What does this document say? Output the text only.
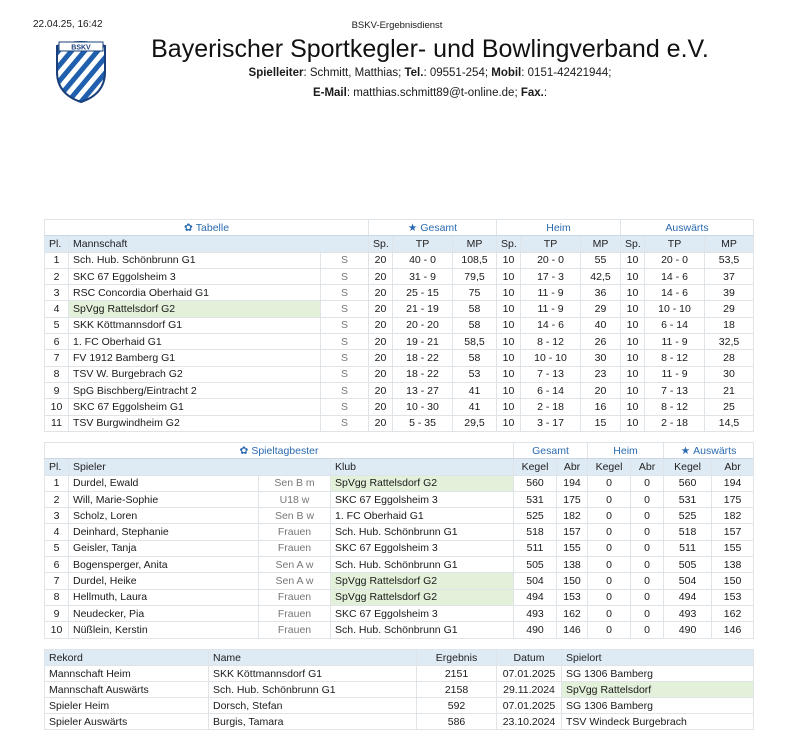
22.04.25, 16:42	BSKV-Ergebnisdienst
BSKV	Bayerischer Sportkegler- und Bowlingverband e.V.
Spielleiter: Schmitt, Matthias; Tel.: 09551-254; Mobil: 0151-42421944;
E-Mail: matthias.schmitt89@t-online.de; Fax.:
✿ Tabelle			★ Gesamt			Heim			Auswärts		
Pl.	Mannschaft		Sp.	TP	MP	Sp.	TP	MP	Sp.	TP	MP
1	Sch. Hub. Schönbrunn G1	S	20	40 - 0	108,5	10	20 - 0	55	10	20 - 0	53,5
2	SKC 67 Eggolsheim 3	S	20	31 - 9	79,5	10	17 - 3	42,5	10	14 - 6	37
3	RSC Concordia Oberhaid G1	S	20	25 - 15	75	10	11 - 9	36	10	14 - 6	39
4	SpVgg Rattelsdorf G2	S	20	21 - 19	58	10	11 - 9	29	10	10 - 10	29
5	SKK Köttmannsdorf G1	S	20	20 - 20	58	10	14 - 6	40	10	6 - 14	18
6	1. FC Oberhaid G1	S	20	19 - 21	58,5	10	8 - 12	26	10	11 - 9	32,5
7	FV 1912 Bamberg G1	S	20	18 - 22	58	10	10 - 10	30	10	8 - 12	28
8	TSV W. Burgebrach G2	S	20	18 - 22	53	10	7 - 13	23	10	11 - 9	30
9	SpG Bischberg/Eintracht 2	S	20	13 - 27	41	10	6 - 14	20	10	7 - 13	21
10	SKC 67 Eggolsheim G1	S	20	10 - 30	41	10	2 - 18	16	10	8 - 12	25
11	TSV Burgwindheim G2	S	20	5 - 35	29,5	10	3 - 17	15	10	2 - 18	14,5
✿ Spieltagbester				Gesamt		Heim		★ Auswärts	
Pl.	Spieler		Klub	Kegel	Abr	Kegel	Abr	Kegel	Abr
1	Durdel, Ewald	Sen B m	SpVgg Rattelsdorf G2	560	194	0	0	560	194
2	Will, Marie-Sophie	U18 w	SKC 67 Eggolsheim 3	531	175	0	0	531	175
3	Scholz, Loren	Sen B w	1. FC Oberhaid G1	525	182	0	0	525	182
4	Deinhard, Stephanie	Frauen	Sch. Hub. Schönbrunn G1	518	157	0	0	518	157
5	Geisler, Tanja	Frauen	SKC 67 Eggolsheim 3	511	155	0	0	511	155
6	Bogensperger, Anita	Sen A w	Sch. Hub. Schönbrunn G1	505	138	0	0	505	138
7	Durdel, Heike	Sen A w	SpVgg Rattelsdorf G2	504	150	0	0	504	150
8	Hellmuth, Laura	Frauen	SpVgg Rattelsdorf G2	494	153	0	0	494	153
9	Neudecker, Pia	Frauen	SKC 67 Eggolsheim 3	493	162	0	0	493	162
10	Nüßlein, Kerstin	Frauen	Sch. Hub. Schönbrunn G1	490	146	0	0	490	146
Rekord	Name	Ergebnis	Datum	Spielort
Mannschaft Heim	SKK Köttmannsdorf G1	2151	07.01.2025	SG 1306 Bamberg
Mannschaft Auswärts	Sch. Hub. Schönbrunn G1	2158	29.11.2024	SpVgg Rattelsdorf
Spieler Heim	Dorsch, Stefan	592	07.01.2025	SG 1306 Bamberg
Spieler Auswärts	Burgis, Tamara	586	23.10.2024	TSV Windeck Burgebrach
